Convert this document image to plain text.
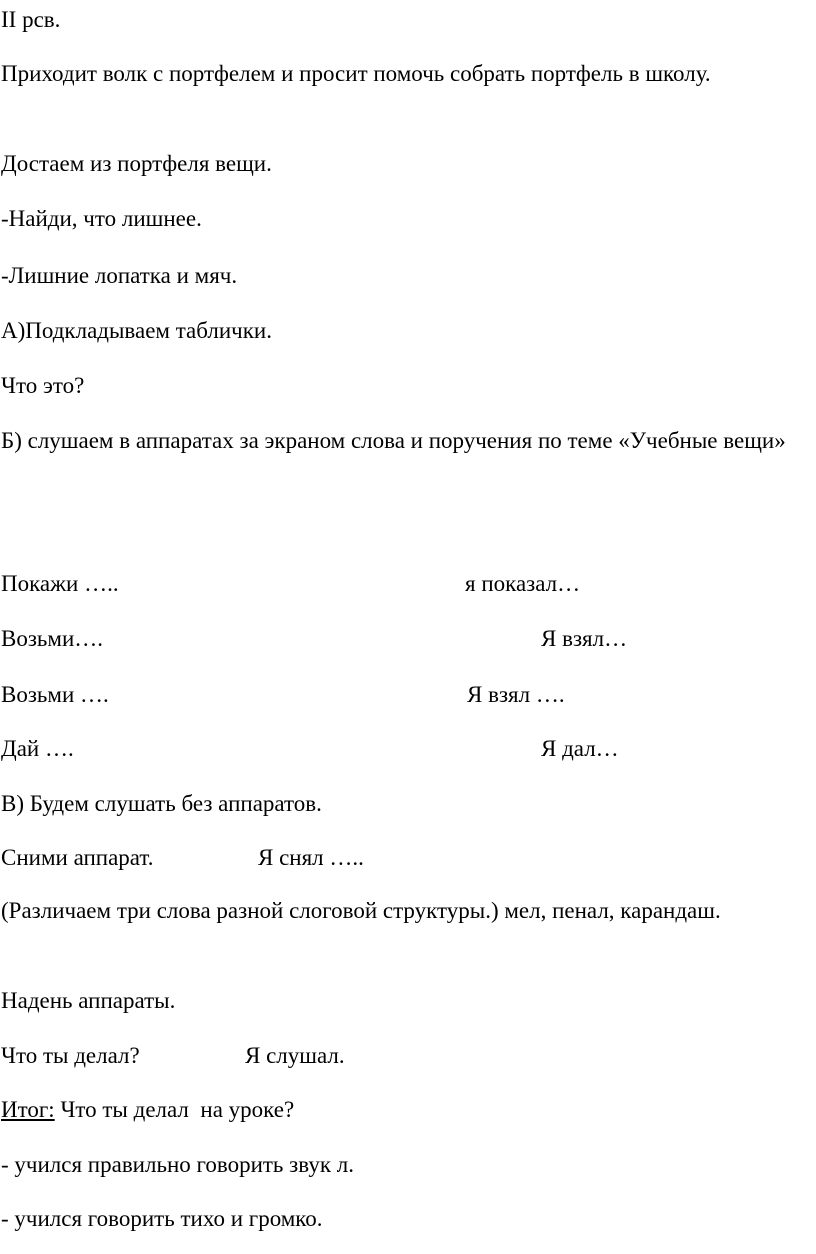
II рсв.
Приходит волк с портфелем и просит помочь собрать портфель в школу.
Достаем из портфеля вещи.
-Найди, что лишнее.
-Лишние лопатка и мяч.
А)Подкладываем таблички.
Что это?
Б) слушаем в аппаратах за экраном слова и поручения по теме «Учебные вещи»
Покажи …..	я показал…
Возьми….	Я взял…
Возьми ….	Я взял ….
Дай ….	Я дал…
В) Будем слушать без аппаратов.
Сними аппарат.	Я снял …..
(Различаем три слова разной слоговой структуры.) мел, пенал, карандаш.
Надень аппараты.
Что ты делал?	Я слушал.
Итог: Что ты делал  на уроке?
- учился правильно говорить звук л.
- учился говорить тихо и громко.
